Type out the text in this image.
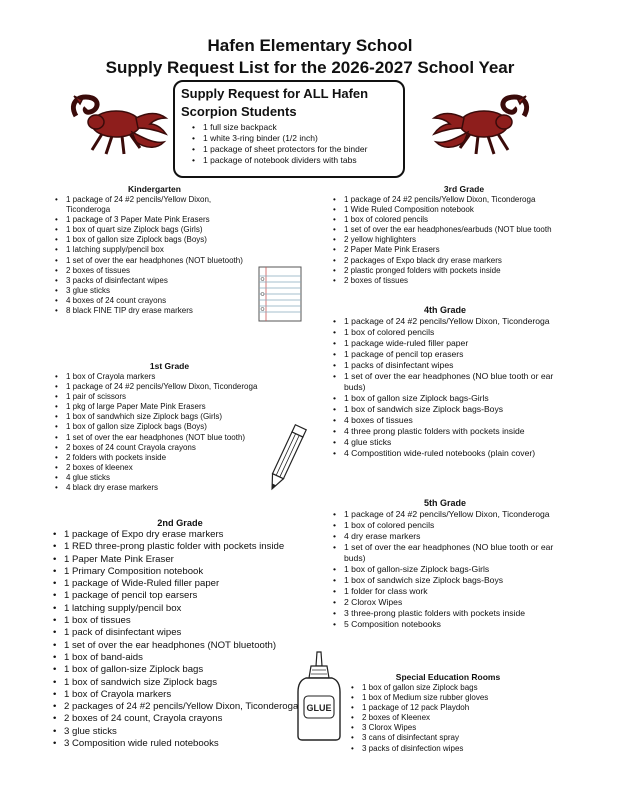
Hafen Elementary School
Supply Request List for the 2026-2027 School Year
Supply Request for ALL Hafen
Scorpion Students
• 1 full size backpack
• 1 white 3-ring binder (1/2 inch)
• 1 package of sheet protectors for the binder
• 1 package of notebook dividers with tabs
Kindergarten
• 1 package of 24 #2 pencils/Yellow Dixon, Ticonderoga
• 1 package of 3 Paper Mate Pink Erasers
• 1 box of quart size Ziplock bags (Girls)
• 1 box of gallon size Ziplock bags (Boys)
• 1 latching supply/pencil box
• 1 set of over the ear headphones (NOT bluetooth)
• 2 boxes of tissues
• 3 packs of disinfectant wipes
• 3 glue sticks
• 4 boxes of 24 count crayons
• 8 black FINE TIP dry erase markers
1st Grade
• 1 box of Crayola markers
• 1 package of 24 #2 pencils/Yellow Dixon, Ticonderoga
• 1 pair of scissors
• 1 pkg of large Paper Mate Pink Erasers
• 1 box of sandwhich size Ziplock bags (Girls)
• 1 box of gallon size Ziplock bags (Boys)
• 1 set of over the ear headphones (NOT blue tooth)
• 2 boxes of 24 count Crayola crayons
• 2 folders with pockets inside
• 2 boxes of kleenex
• 4 glue sticks
• 4 black dry erase markers
2nd Grade
• 1 package of Expo dry erase markers
• 1 RED three-prong plastic folder with pockets inside
• 1 Paper Mate Pink Eraser
• 1 Primary Composition notebook
• 1 package of Wide-Ruled filler paper
• 1 package of pencil top earsers
• 1 latching supply/pencil box
• 1 box of tissues
• 1 pack of disinfectant wipes
• 1 set of over the ear headphones (NOT bluetooth)
• 1 box of band-aids
• 1 box of gallon-size Ziplock bags
• 1 box of sandwich size Ziplock bags
• 1 box of Crayola markers
• 2 packages of 24 #2 pencils/Yellow Dixon, Ticonderoga
• 2 boxes of 24 count, Crayola crayons
• 3 glue sticks
• 3 Composition wide ruled notebooks
3rd Grade
• 1 package of 24 #2 pencils/Yellow Dixon, Ticonderoga
• 1 Wide Ruled Composition notebook
• 1 box of colored pencils
• 1 set of over the ear headphones/earbuds (NOT blue tooth
• 2 yellow highlighters
• 2 Paper Mate Pink Erasers
• 2 packages of Expo black dry erase markers
• 2 plastic pronged folders with pockets inside
• 2 boxes of tissues
4th Grade
• 1 package of 24 #2 pencils/Yellow Dixon, Ticonderoga
• 1 box of colored pencils
• 1 package wide-ruled filler paper
• 1 package of pencil top erasers
• 1 packs of disinfectant wipes
• 1 set of over the ear headphones (NO blue tooth or ear buds)
• 1 box of gallon size Ziplock bags-Girls
• 1 box of sandwich size Ziplock bags-Boys
• 4 boxes of tissues
• 4 three prong plastic folders with pockets inside
• 4 glue sticks
• 4 Compostition wide-ruled notebooks (plain cover)
5th Grade
• 1 package of 24 #2 pencils/Yellow Dixon, Ticonderoga
• 1 box of colored pencils
• 4 dry erase markers
• 1 set of over the ear headphones (NO blue tooth or ear buds)
• 1 box of gallon-size Ziplock bags-Girls
• 1 box of sandwich size Ziplock bags-Boys
• 1 folder for class work
• 2 Clorox Wipes
• 3 three-prong plastic folders with pockets inside
• 5 Composition notebooks
GLUE
Special Education Rooms
• 1 box of gallon size Ziplock bags
• 1 box of Medium size rubber gloves
• 1 package of 12 pack Playdoh
• 2 boxes of Kleenex
• 3 Clorox Wipes
• 3 cans of disinfectant spray
• 3 packs of disinfection wipes
